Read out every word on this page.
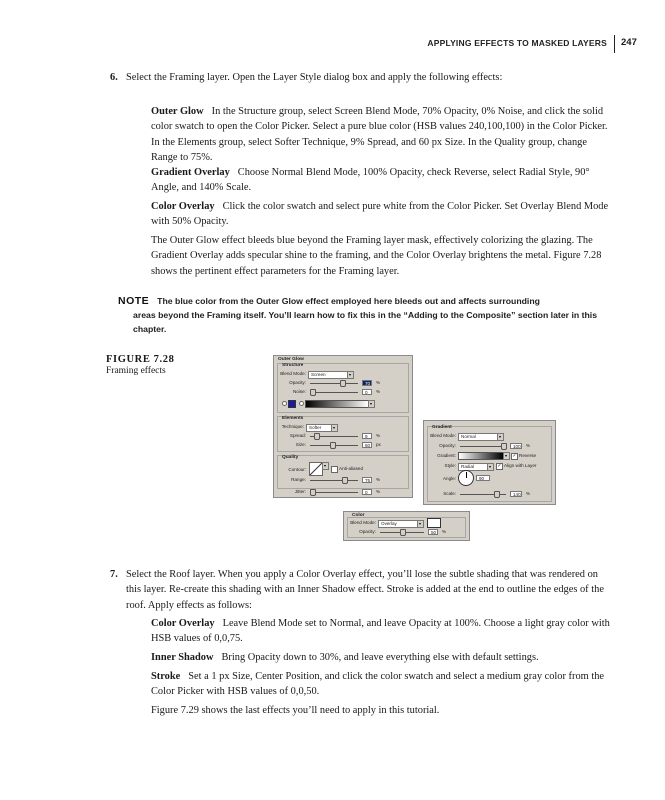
APPLYING EFFECTS TO MASKED LAYERS 247
6. Select the Framing layer. Open the Layer Style dialog box and apply the following effects:
Outer Glow In the Structure group, select Screen Blend Mode, 70% Opacity, 0% Noise, and click the solid color swatch to open the Color Picker. Select a pure blue color (HSB values 240,100,100) in the Color Picker. In the Elements group, select Softer Technique, 9% Spread, and 60 px Size. In the Quality group, change Range to 75%.
Gradient Overlay Choose Normal Blend Mode, 100% Opacity, check Reverse, select Radial Style, 90° Angle, and 140% Scale.
Color Overlay Click the color swatch and select pure white from the Color Picker. Set Overlay Blend Mode with 50% Opacity.
The Outer Glow effect bleeds blue beyond the Framing layer mask, effectively colorizing the glazing. The Gradient Overlay adds specular shine to the framing, and the Color Overlay brightens the metal. Figure 7.28 shows the pertinent effect parameters for the Framing layer.
NOTE The blue color from the Outer Glow effect employed here bleeds out and affects surrounding
areas beyond the Framing itself. You’ll learn how to fix this in the “Adding to the Composite” section later in this chapter.
FIGURE 7.28
Framing effects
Outer Glow
Structure
Blend Mode: Screen
Opacity:	70	%
Noise:	0	%
Elements
Technique: Softer
Spread:	9	%
Size:	60	px
Quality
Contour:	Anti-aliased
Range:	75	%
Jitter:	0	%
Gradient
Blend Mode: Normal
Opacity:	100 %
Gradient:	✓ Reverse
Style: Radial	✓ Align with Layer
Angle:	90
Scale:	140 %
Color
Blend Mode: Overlay
Opacity:	50	%
7. Select the Roof layer. When you apply a Color Overlay effect, you’ll lose the subtle shading that was rendered on this layer. Re-create this shading with an Inner Shadow effect. Stroke is added at the end to outline the edges of the roof. Apply effects as follows:
Color Overlay Leave Blend Mode set to Normal, and leave Opacity at 100%. Choose a light gray color with HSB values of 0,0,75.
Inner Shadow Bring Opacity down to 30%, and leave everything else with default settings.
Stroke Set a 1 px Size, Center Position, and click the color swatch and select a medium gray color from the Color Picker with HSB values of 0,0,50.
Figure 7.29 shows the last effects you’ll need to apply in this tutorial.
